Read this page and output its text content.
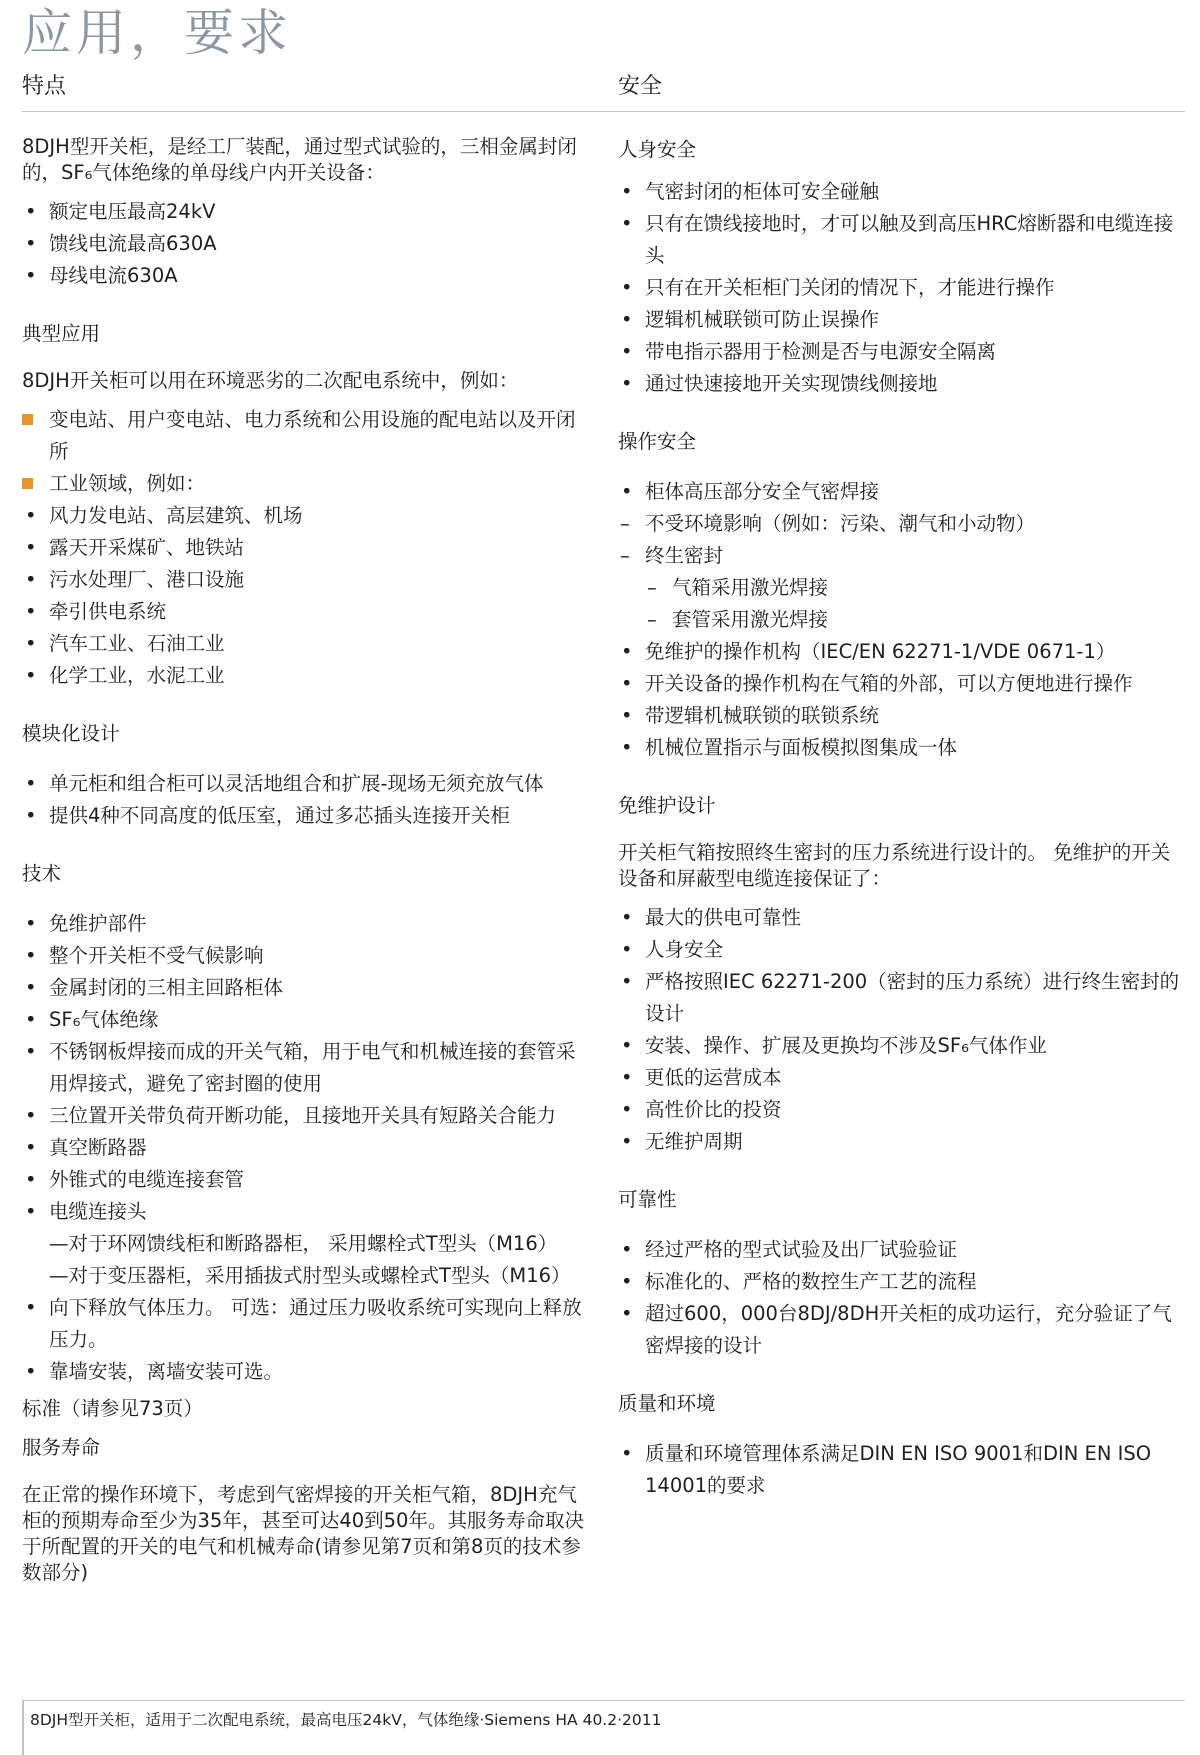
应用，要求
特点	安全

8DJH型开关柜，是经工厂装配，通过型式试验的，三相金属封闭的，SF₆气体绝缘的单母线户内开关设备：

• 额定电压最高24kV
• 馈线电流最高630A
• 母线电流630A
典型应用

8DJH开关柜可以用在环境恶劣的二次配电系统中，例如：

变电站、用户变电站、电力系统和公用设施的配电站以及开闭所
工业领域，例如：
• 风力发电站、高层建筑、机场
• 露天开采煤矿、地铁站
• 污水处理厂、港口设施
• 牵引供电系统
• 汽车工业、石油工业
• 化学工业，水泥工业
模块化设计
• 单元柜和组合柜可以灵活地组合和扩展-现场无须充放气体
• 提供4种不同高度的低压室，通过多芯插头连接开关柜
技术
• 免维护部件
• 整个开关柜不受气候影响
• 金属封闭的三相主回路柜体
• SF₆气体绝缘
• 不锈钢板焊接而成的开关气箱，用于电气和机械连接的套管采用焊接式，避免了密封圈的使用
• 三位置开关带负荷开断功能，且接地开关具有短路关合能力
• 真空断路器
• 外锥式的电缆连接套管
• 电缆连接头
—对于环网馈线柜和断路器柜， 采用螺栓式T型头（M16）
—对于变压器柜，采用插拔式肘型头或螺栓式T型头（M16）
• 向下释放气体压力。 可选：通过压力吸收系统可实现向上释放压力。
• 靠墙安装，离墙安装可选。

标准（请参见73页）

服务寿命

在正常的操作环境下，考虑到气密焊接的开关柜气箱，8DJH充气柜的预期寿命至少为35年，甚至可达40到50年。其服务寿命取决于所配置的开关的电气和机械寿命(请参见第7页和第8页的技术参数部分)

人身安全
• 气密封闭的柜体可安全碰触
• 只有在馈线接地时，才可以触及到高压HRC熔断器和电缆连接头
• 只有在开关柜柜门关闭的情况下，才能进行操作
• 逻辑机械联锁可防止误操作
• 带电指示器用于检测是否与电源安全隔离
• 通过快速接地开关实现馈线侧接地
操作安全
• 柜体高压部分安全气密焊接
– 不受环境影响（例如：污染、潮气和小动物）
– 终生密封
– 气箱采用激光焊接
– 套管采用激光焊接
• 免维护的操作机构（IEC/EN 62271-1/VDE 0671-1）
• 开关设备的操作机构在气箱的外部，可以方便地进行操作
• 带逻辑机械联锁的联锁系统
• 机械位置指示与面板模拟图集成一体
免维护设计

开关柜气箱按照终生密封的压力系统进行设计的。 免维护的开关设备和屏蔽型电缆连接保证了：

• 最大的供电可靠性
• 人身安全
• 严格按照IEC 62271-200（密封的压力系统）进行终生密封的设计
• 安装、操作、扩展及更换均不涉及SF₆气体作业
• 更低的运营成本
• 高性价比的投资
• 无维护周期
可靠性
• 经过严格的型式试验及出厂试验验证
• 标准化的、严格的数控生产工艺的流程
• 超过600，000台8DJ/8DH开关柜的成功运行，充分验证了气密焊接的设计
质量和环境
• 质量和环境管理体系满足DIN EN ISO 9001和DIN EN ISO 14001的要求
8DJH型开关柜，适用于二次配电系统，最高电压24kV，气体绝缘·Siemens HA 40.2·2011
